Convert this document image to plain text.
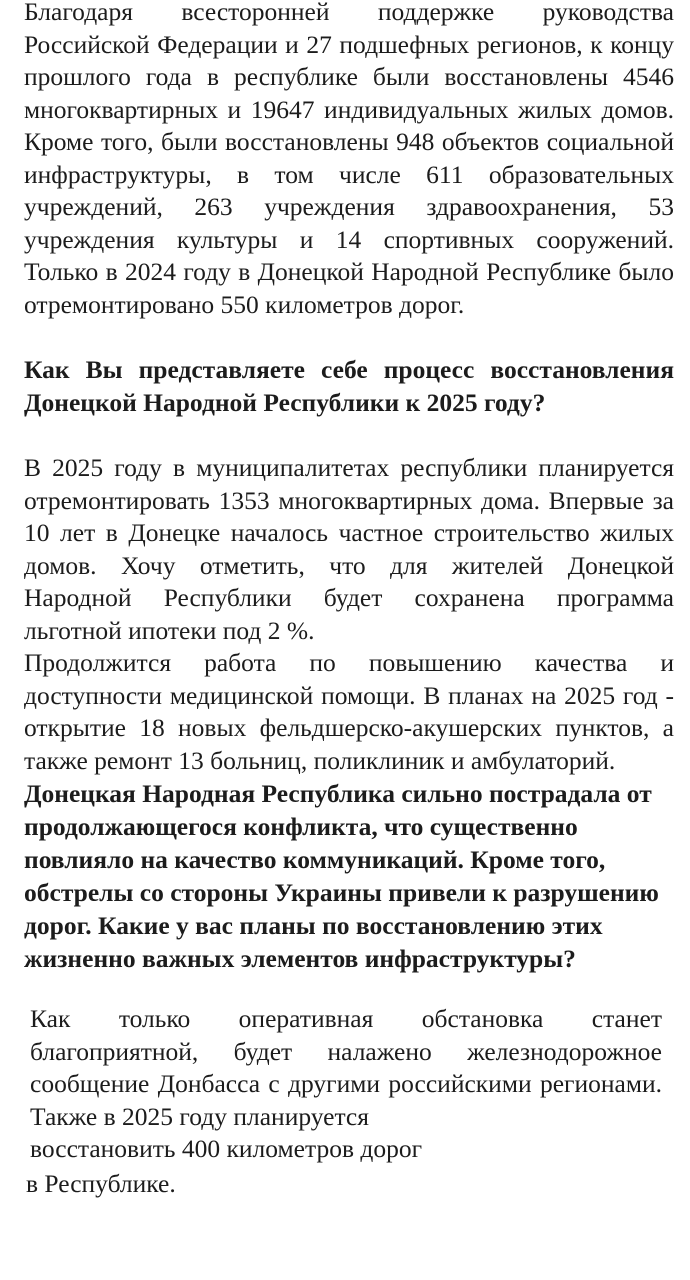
Благодаря всесторонней поддержке руководства Российской Федерации и 27 подшефных регионов, к концу прошлого года в республике были восстановлены 4546 многоквартирных и 19647 индивидуальных жилых домов. Кроме того, были восстановлены 948 объектов социальной инфраструктуры, в том числе 611 образовательных учреждений, 263 учреждения здравоохранения, 53 учреждения культуры и 14 спортивных сооружений. Только в 2024 году в Донецкой Народной Республике было отремонтировано 550 километров дорог.

Как Вы представляете себе процесс восстановления Донецкой Народной Республики к 2025 году?

В 2025 году в муниципалитетах республики планируется отремонтировать 1353 многоквартирных дома. Впервые за 10 лет в Донецке началось частное строительство жилых домов. Хочу отметить, что для жителей Донецкой Народной Республики будет сохранена программа льготной ипотеки под 2 %.

Продолжится работа по повышению качества и доступности медицинской помощи. В планах на 2025 год - открытие 18 новых фельдшерско-акушерских пунктов, а также ремонт 13 больниц, поликлиник и амбулаторий.

Донецкая Народная Республика сильно пострадала от продолжающегося конфликта, что существенно повлияло на качество коммуникаций. Кроме того, обстрелы со стороны Украины привели к разрушению дорог. Какие у вас планы по восстановлению этих жизненно важных элементов инфраструктуры?

Как только оперативная обстановка станет благоприятной, будет налажено железнодорожное сообщение Донбасса с другими российскими регионами. Также в 2025 году планируется
восстановить 400 километров дорог

в Республике.
